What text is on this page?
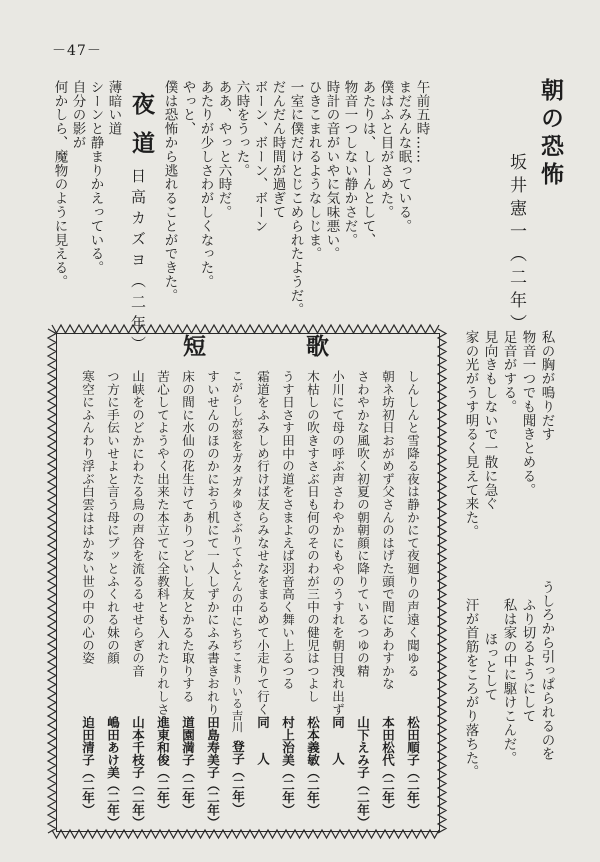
－47－
朝の恐怖
坂井憲一（二年）
午前五時……
まだみんな眠っている。
僕はふと目がさめた。
あたりは、しーんとして、
物音一つしない静かさだ。
時計の音がいやに気味悪い。
ひきこまれるようなしじま。
一室に僕だけとじこめられたようだ。
だんだん時間が過ぎて
ボーン、ボーン、ボーン
六時をうった。
ああ、やっと六時だ。
あたりが少しさわがしくなった。
やっと、
僕は恐怖から逃れることができた。
夜道
日高カズヨ（二年）
薄暗い道
シーンと静まりかえっている。
自分の影が
何かしら、魔物のように見える。
私の胸が鳴りだす
物音一つでも聞きとめる。
足音がする。
見向きもしないで一散に急ぐ
家の光がうす明るく見えて来た。
うしろから引っぱられるのを
ふり切るようにして
私は家の中に駆けこんだ。
ほっとして
汗が首筋をころがり落ちた。
歌
短
しんしんと雪降る夜は静かにて夜廻りの声遠く聞ゆる
松田順子（二年）
朝ネ坊初日おがめず父さんのはげた頭で間にあわすかな
本田松代（二年）
さわやかな風吹く初夏の朝朝顔に降りているつゆの精
山下えみ子（二年）
小川にて母の呼ぶ声さわやかにもやのうすれを朝日洩れ出ず
同人
木枯しの吹きすさぶ日も何のそのわが三中の健児はつよし
松本義敏（二年）
うす日さす田中の道をさまよえば羽音高く舞い上るつる
村上治美（二年）
霜道をふみしめ行けば友らみなせなをまるめて小走りて行く
同人
こがらしが窓をガタガタゆさぶりてふとんの中にちぢこまりいる吉川
登子（二年）
すいせんのほのかにおう机にて一人しずかにふみ書きおれり
田島寿美子（二年）
床の間に水仙の花生けてありつどいし友とかるた取りする
道園満子（二年）
苦心してようやく出来た本立てに全教科とも入れたりれしさ
進東和俊（二年）
山峡をのどかにわたる鳥の声谷を流るるせせらぎの音
山本千枝子（二年）
つ方に手伝いせよと言う母にプッとふくれる妹の顔
嶋田あけ美（二年）
寒空にふんわり浮ぶ白雲ははかない世の中の心の姿
迫田清子（二年）
